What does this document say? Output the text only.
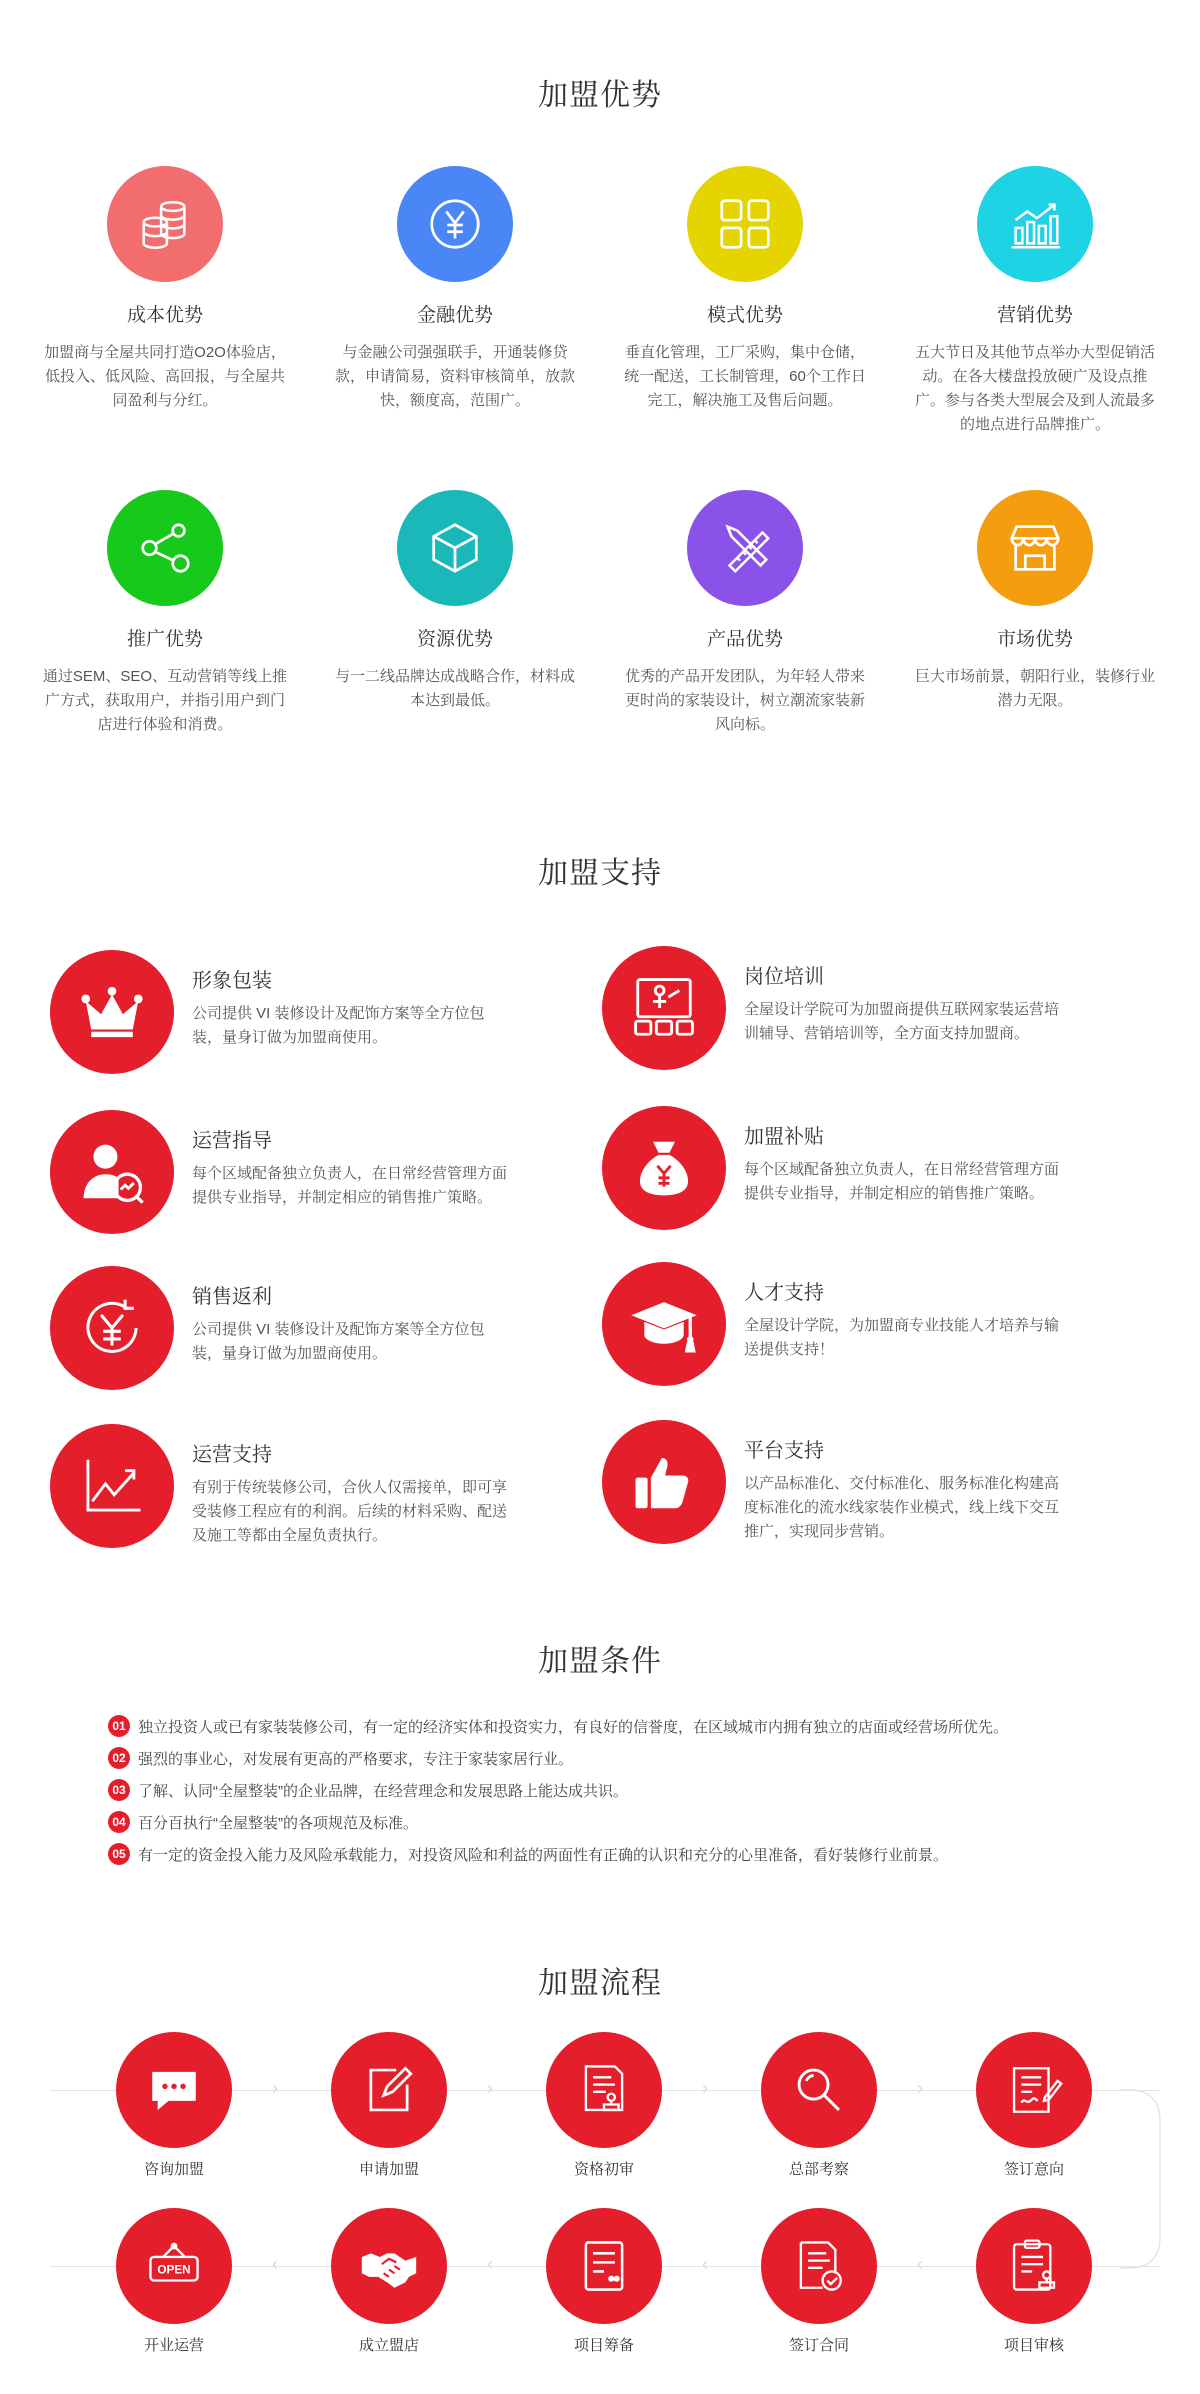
加盟优势
成本优势
加盟商与全屋共同打造O2O体验店，低投入、低风险、高回报，与全屋共同盈利与分红。
金融优势
与金融公司强强联手，开通装修贷款，申请简易，资料审核简单，放款快，额度高，范围广。
模式优势
垂直化管理，工厂采购，集中仓储，统一配送，工长制管理，60个工作日完工，解决施工及售后问题。
营销优势
五大节日及其他节点举办大型促销活动。在各大楼盘投放硬广及设点推广。参与各类大型展会及到人流最多的地点进行品牌推广。
推广优势
通过SEM、SEO、互动营销等线上推广方式，获取用户，并指引用户到门店进行体验和消费。
资源优势
与一二线品牌达成战略合作，材料成本达到最低。
产品优势
优秀的产品开发团队，为年轻人带来更时尚的家装设计，树立潮流家装新风向标。
市场优势
巨大市场前景，朝阳行业，装修行业潜力无限。
加盟支持
形象包装
公司提供 VI 装修设计及配饰方案等全方位包装，量身订做为加盟商使用。
岗位培训
全屋设计学院可为加盟商提供互联网家装运营培训辅导、营销培训等，全方面支持加盟商。
运营指导
每个区域配备独立负责人，在日常经营管理方面提供专业指导，并制定相应的销售推广策略。
加盟补贴
每个区域配备独立负责人，在日常经营管理方面提供专业指导，并制定相应的销售推广策略。
销售返利
公司提供 VI 装修设计及配饰方案等全方位包装，量身订做为加盟商使用。
人才支持
全屋设计学院，为加盟商专业技能人才培养与输送提供支持！
运营支持
有别于传统装修公司，合伙人仅需接单，即可享受装修工程应有的利润。后续的材料采购、配送及施工等都由全屋负责执行。
平台支持
以产品标准化、交付标准化、服务标准化构建高度标准化的流水线家装作业模式，线上线下交互推广，实现同步营销。
加盟条件
01 独立投资人或已有家装装修公司，有一定的经济实体和投资实力，有良好的信誉度，在区域城市内拥有独立的店面或经营场所优先。
02 强烈的事业心，对发展有更高的严格要求，专注于家装家居行业。
03 了解、认同“全屋整装”的企业品牌，在经营理念和发展思路上能达成共识。
04 百分百执行“全屋整装”的各项规范及标准。
05 有一定的资金投入能力及风险承载能力，对投资风险和利益的两面性有正确的认识和充分的心里准备，看好装修行业前景。
加盟流程
›	›	›	›
‹	‹	‹	‹
咨询加盟	申请加盟	资格初审	总部考察	签订意向
OPEN
开业运营	成立盟店	项目筹备	签订合同	项目审核
